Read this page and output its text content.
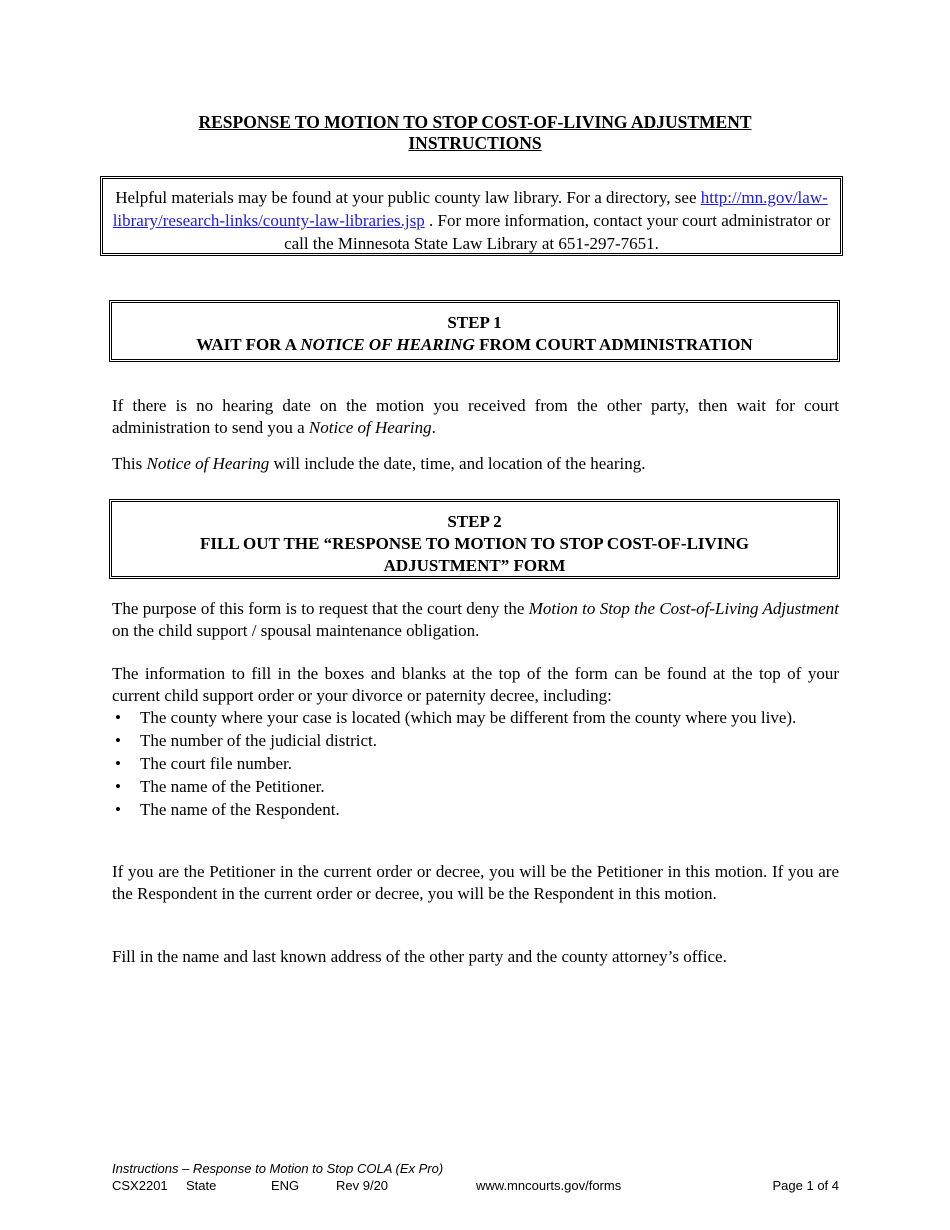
RESPONSE TO MOTION TO STOP COST-OF-LIVING ADJUSTMENT
INSTRUCTIONS
Helpful materials may be found at your public county law library. For a directory, see http://mn.gov/law-library/research-links/county-law-libraries.jsp . For more information, contact your court administrator or call the Minnesota State Law Library at 651-297-7651.
STEP 1
WAIT FOR A NOTICE OF HEARING FROM COURT ADMINISTRATION
If there is no hearing date on the motion you received from the other party, then wait for court administration to send you a Notice of Hearing.
This Notice of Hearing will include the date, time, and location of the hearing.
STEP 2
FILL OUT THE “RESPONSE TO MOTION TO STOP COST-OF-LIVING
ADJUSTMENT” FORM
The purpose of this form is to request that the court deny the Motion to Stop the Cost-of-Living Adjustment on the child support / spousal maintenance obligation.
The information to fill in the boxes and blanks at the top of the form can be found at the top of your current child support order or your divorce or paternity decree, including:
• The county where your case is located (which may be different from the county where you live).
• The number of the judicial district.
• The court file number.
• The name of the Petitioner.
• The name of the Respondent.
If you are the Petitioner in the current order or decree, you will be the Petitioner in this motion. If you are the Respondent in the current order or decree, you will be the Respondent in this motion.
Fill in the name and last known address of the other party and the county attorney’s office.
Instructions – Response to Motion to Stop COLA (Ex Pro)
CSX2201 State	ENG	Rev 9/20	www.mncourts.gov/forms	Page 1 of 4
